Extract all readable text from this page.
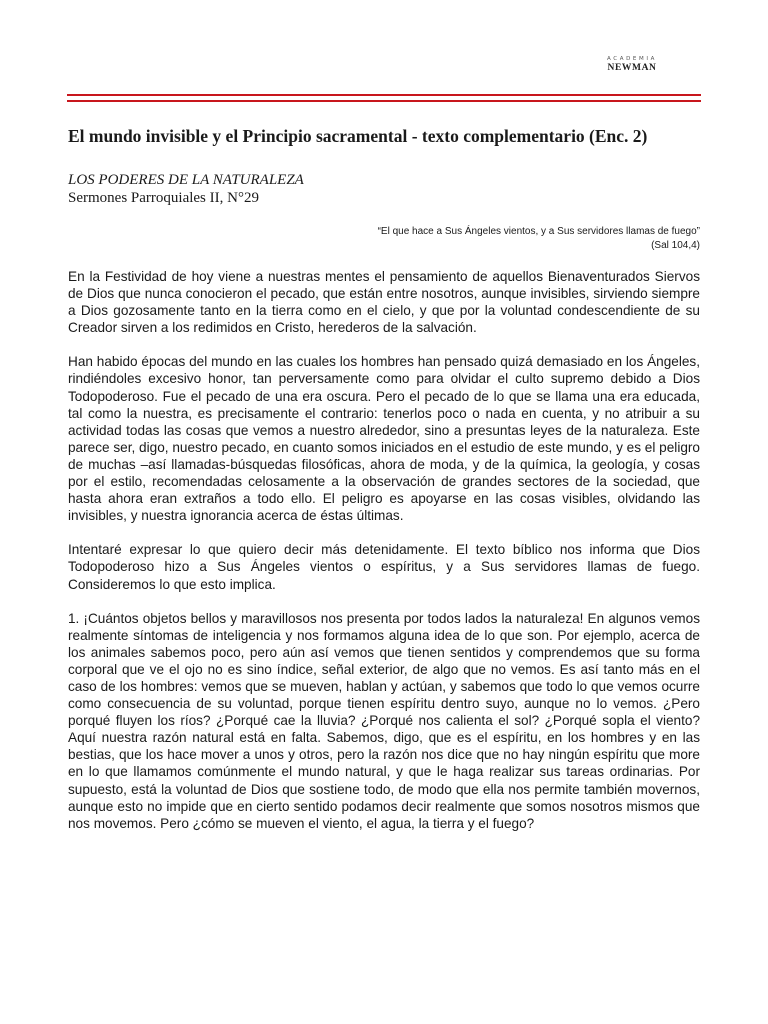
ACADEMIA
NEWMAN
El mundo invisible y el Principio sacramental - texto complementario (Enc. 2)
LOS PODERES DE LA NATURALEZA
Sermones Parroquiales II, N°29
“El que hace a Sus Ángeles vientos, y a Sus servidores llamas de fuego”
(Sal 104,4)

En la Festividad de hoy viene a nuestras mentes el pensamiento de aquellos Bienaventurados Siervos de Dios que nunca conocieron el pecado, que están entre nosotros, aunque invisibles, sirviendo siempre a Dios gozosamente tanto en la tierra como en el cielo, y que por la voluntad condescendiente de su Creador sirven a los redimidos en Cristo, herederos de la salvación.

Han habido épocas del mundo en las cuales los hombres han pensado quizá demasiado en los Ángeles, rindiéndoles excesivo honor, tan perversamente como para olvidar el culto supremo debido a Dios Todopoderoso. Fue el pecado de una era oscura. Pero el pecado de lo que se llama una era educada, tal como la nuestra, es precisamente el contrario: tenerlos poco o nada en cuenta, y no atribuir a su actividad todas las cosas que vemos a nuestro alrededor, sino a presuntas leyes de la naturaleza. Este parece ser, digo, nuestro pecado, en cuanto somos iniciados en el estudio de este mundo, y es el peligro de muchas –así llamadas-búsquedas filosóficas, ahora de moda, y de la química, la geología, y cosas por el estilo, recomendadas celosamente a la observación de grandes sectores de la sociedad, que hasta ahora eran extraños a todo ello. El peligro es apoyarse en las cosas visibles, olvidando las invisibles, y nuestra ignorancia acerca de éstas últimas.

Intentaré expresar lo que quiero decir más detenidamente. El texto bíblico nos informa que Dios Todopoderoso hizo a Sus Ángeles vientos o espíritus, y a Sus servidores llamas de fuego. Consideremos lo que esto implica.

1. ¡Cuántos objetos bellos y maravillosos nos presenta por todos lados la naturaleza! En algunos vemos realmente síntomas de inteligencia y nos formamos alguna idea de lo que son. Por ejemplo, acerca de los animales sabemos poco, pero aún así vemos que tienen sentidos y comprendemos que su forma corporal que ve el ojo no es sino índice, señal exterior, de algo que no vemos. Es así tanto más en el caso de los hombres: vemos que se mueven, hablan y actúan, y sabemos que todo lo que vemos ocurre como consecuencia de su voluntad, porque tienen espíritu dentro suyo, aunque no lo vemos. ¿Pero porqué fluyen los ríos? ¿Porqué cae la lluvia? ¿Porqué nos calienta el sol? ¿Porqué sopla el viento? Aquí nuestra razón natural está en falta. Sabemos, digo, que es el espíritu, en los hombres y en las bestias, que los hace mover a unos y otros, pero la razón nos dice que no hay ningún espíritu que more en lo que llamamos comúnmente el mundo natural, y que le haga realizar sus tareas ordinarias. Por supuesto, está la voluntad de Dios que sostiene todo, de modo que ella nos permite también movernos, aunque esto no impide que en cierto sentido podamos decir realmente que somos nosotros mismos que nos movemos. Pero ¿cómo se mueven el viento, el agua, la tierra y el fuego?
